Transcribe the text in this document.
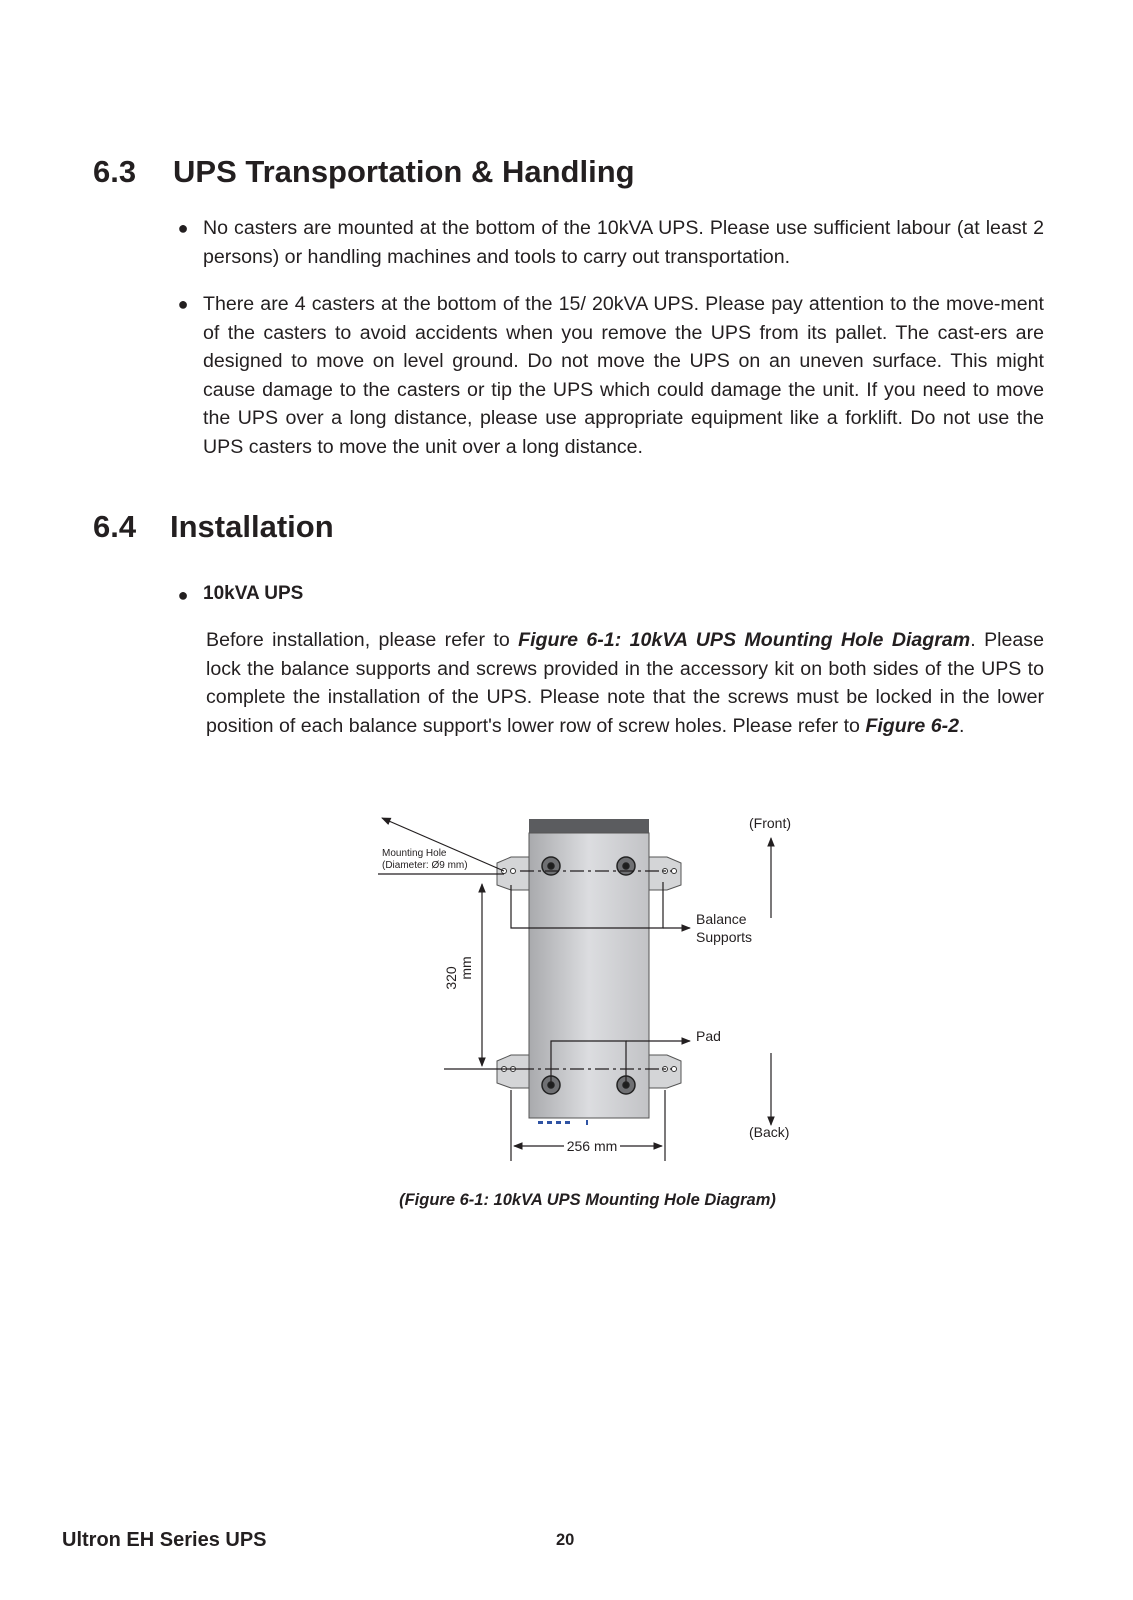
6.3 UPS Transportation & Handling
● No casters are mounted at the bottom of the 10kVA UPS. Please use sufficient labour (at least 2 persons) or handling machines and tools to carry out transportation.

● There are 4 casters at the bottom of the 15/ 20kVA UPS. Please pay attention to the move-ment of the casters to avoid accidents when you remove the UPS from its pallet. The cast-ers are designed to move on level ground. Do not move the UPS on an uneven surface. This might cause damage to the casters or tip the UPS which could damage the unit. If you need to move the UPS over a long distance, please use appropriate equipment like a forklift. Do not use the UPS casters to move the unit over a long distance.

6.4 Installation
● 10kVA UPS

Before installation, please refer to Figure 6-1: 10kVA UPS Mounting Hole Diagram. Please lock the balance supports and screws provided in the accessory kit on both sides of the UPS to complete the installation of the UPS. Please note that the screws must be locked in the lower position of each balance support's lower row of screw holes. Please refer to Figure 6-2.

(Front)
(Back)
Mounting Hole
(Diameter: Ø9 mm)
Balance
Supports
Pad
320 mm
256 mm
(Figure 6-1: 10kVA UPS Mounting Hole Diagram)
Ultron EH Series UPS	20
